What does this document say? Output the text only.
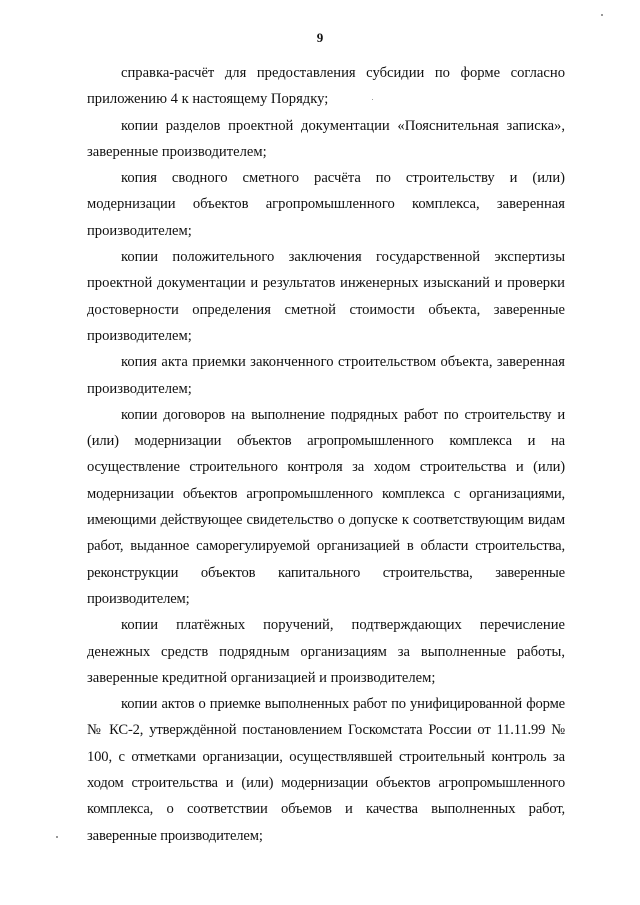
9

справка-расчёт для предоставления субсидии по форме согласно приложению 4 к настоящему Порядку;

копии разделов проектной документации «Пояснительная записка», заверенные производителем;

копия сводного сметного расчёта по строительству и (или) модернизации объектов агропромышленного комплекса, заверенная производителем;

копии положительного заключения государственной экспертизы проектной документации и результатов инженерных изысканий и проверки достоверности определения сметной стоимости объекта, заверенные производителем;

копия акта приемки законченного строительством объекта, заверенная производителем;

копии договоров на выполнение подрядных работ по строительству и (или) модернизации объектов агропромышленного комплекса и на осуществление строительного контроля за ходом строительства и (или) модернизации объектов агропромышленного комплекса с организациями, имеющими действующее свидетельство о допуске к соответствующим видам работ, выданное саморегулируемой организацией в области строительства, реконструкции объектов капитального строительства, заверенные производителем;

копии платёжных поручений, подтверждающих перечисление денежных средств подрядным организациям за выполненные работы, заверенные кредитной организацией и производителем;

копии актов о приемке выполненных работ по унифицированной форме № КС-2, утверждённой постановлением Госкомстата России от 11.11.99 № 100, с отметками организации, осуществлявшей строительный контроль за ходом строительства и (или) модернизации объектов агропромышленного комплекса, о соответствии объемов и качества выполненных работ, заверенные производителем;
